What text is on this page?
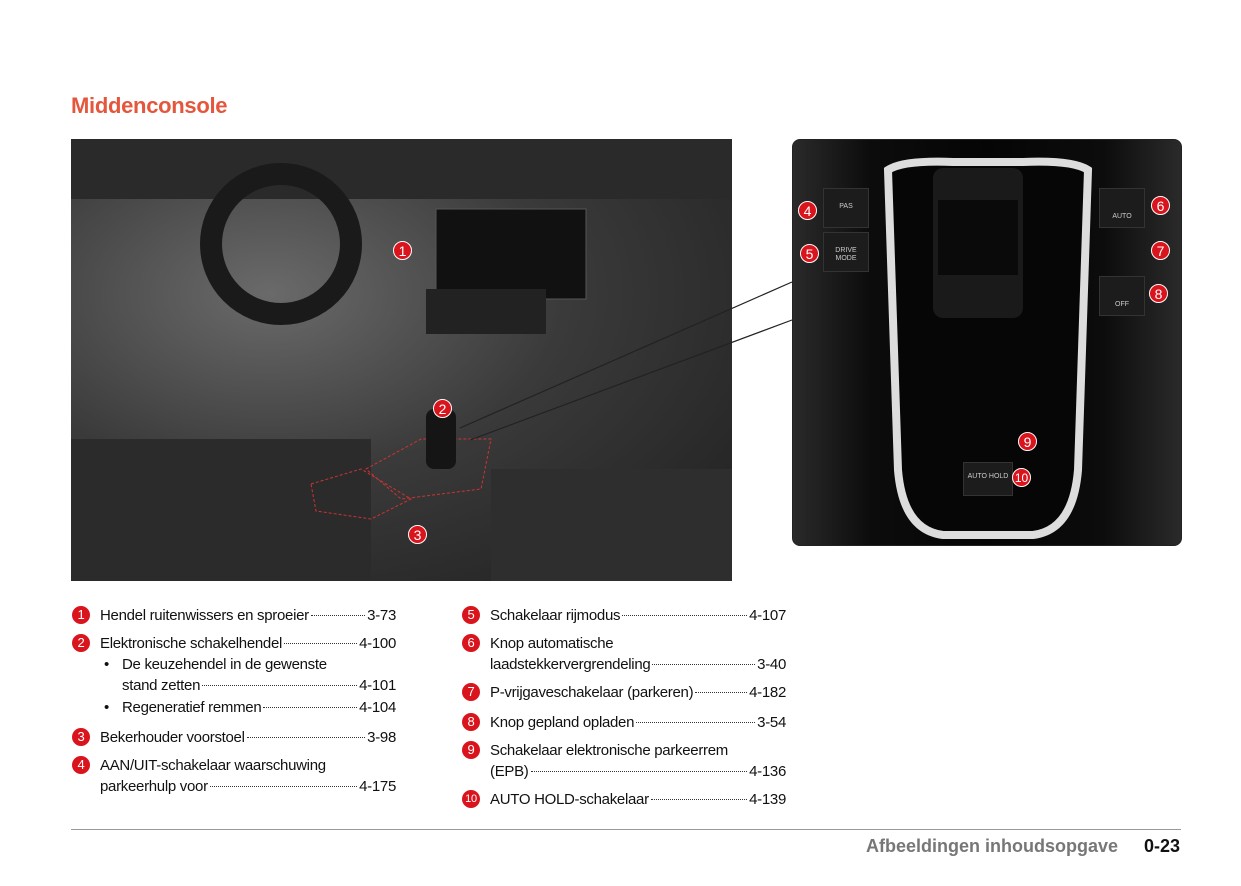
Middenconsole
1
2
3
PAS
DRIVE MODE
AUTO
OFF
AUTO HOLD
4
5
6
7
8
9
10
1	Hendel ruitenwissers en sproeier	3-73
2	Elektronische schakelhendel	4-100
• De keuzehendel in de gewenste
stand zetten	4-101
• Regeneratief remmen	4-104
3	Bekerhouder voorstoel	3-98
4	AAN/UIT-schakelaar waarschuwing
parkeerhulp voor	4-175
5	Schakelaar rijmodus	4-107
6	Knop automatische
laadstekkervergrendeling	3-40
7	P-vrijgaveschakelaar (parkeren)	4-182
8	Knop gepland opladen	3-54
9	Schakelaar elektronische parkeerrem
(EPB)	4-136
10 AUTO HOLD-schakelaar	4-139
Afbeeldingen inhoudsopgave 0-23
